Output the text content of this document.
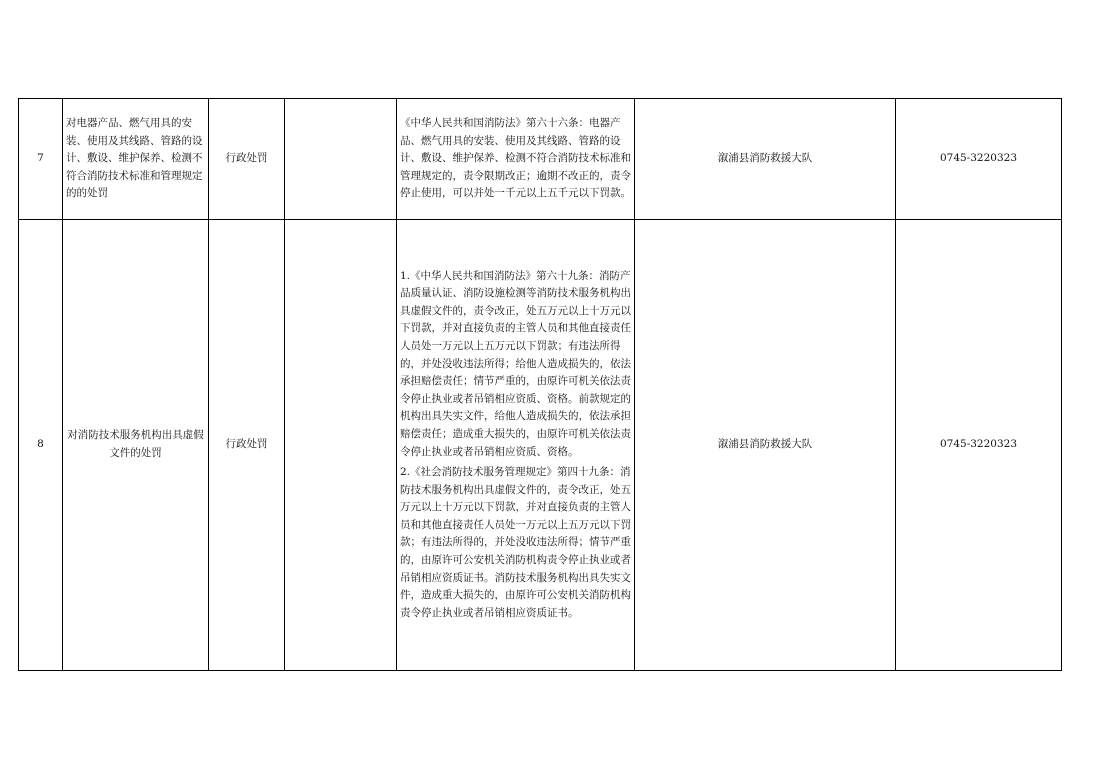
7	对电器产品、燃气用具的安装、使用及其线路、管路的设计、敷设、维护保养、检测不符合消防技术标准和管理规定的的处罚	行政处罚		《中华人民共和国消防法》第六十六条：电器产品、燃气用具的安装、使用及其线路、管路的设计、敷设、维护保养、检测不符合消防技术标准和管理规定的，责令限期改正；逾期不改正的，责令停止使用，可以并处一千元以上五千元以下罚款。	溆浦县消防救援大队	0745-3220323
8	对消防技术服务机构出具虚假文件的处罚	行政处罚		1.《中华人民共和国消防法》第六十九条：消防产品质量认证、消防设施检测等消防技术服务机构出具虚假文件的，责令改正，处五万元以上十万元以下罚款，并对直接负责的主管人员和其他直接责任人员处一万元以上五万元以下罚款；有违法所得的，并处没收违法所得；给他人造成损失的，依法承担赔偿责任；情节严重的，由原许可机关依法责令停止执业或者吊销相应资质、资格。前款规定的机构出具失实文件，给他人造成损失的，依法承担赔偿责任；造成重大损失的，由原许可机关依法责令停止执业或者吊销相应资质、资格。

2.《社会消防技术服务管理规定》第四十九条：消防技术服务机构出具虚假文件的，责令改正，处五万元以上十万元以下罚款，并对直接负责的主管人员和其他直接责任人员处一万元以上五万元以下罚款；有违法所得的，并处没收违法所得；情节严重的，由原许可公安机关消防机构责令停止执业或者吊销相应资质证书。消防技术服务机构出具失实文件，造成重大损失的，由原许可公安机关消防机构责令停止执业或者吊销相应资质证书。	溆浦县消防救援大队	0745-3220323
